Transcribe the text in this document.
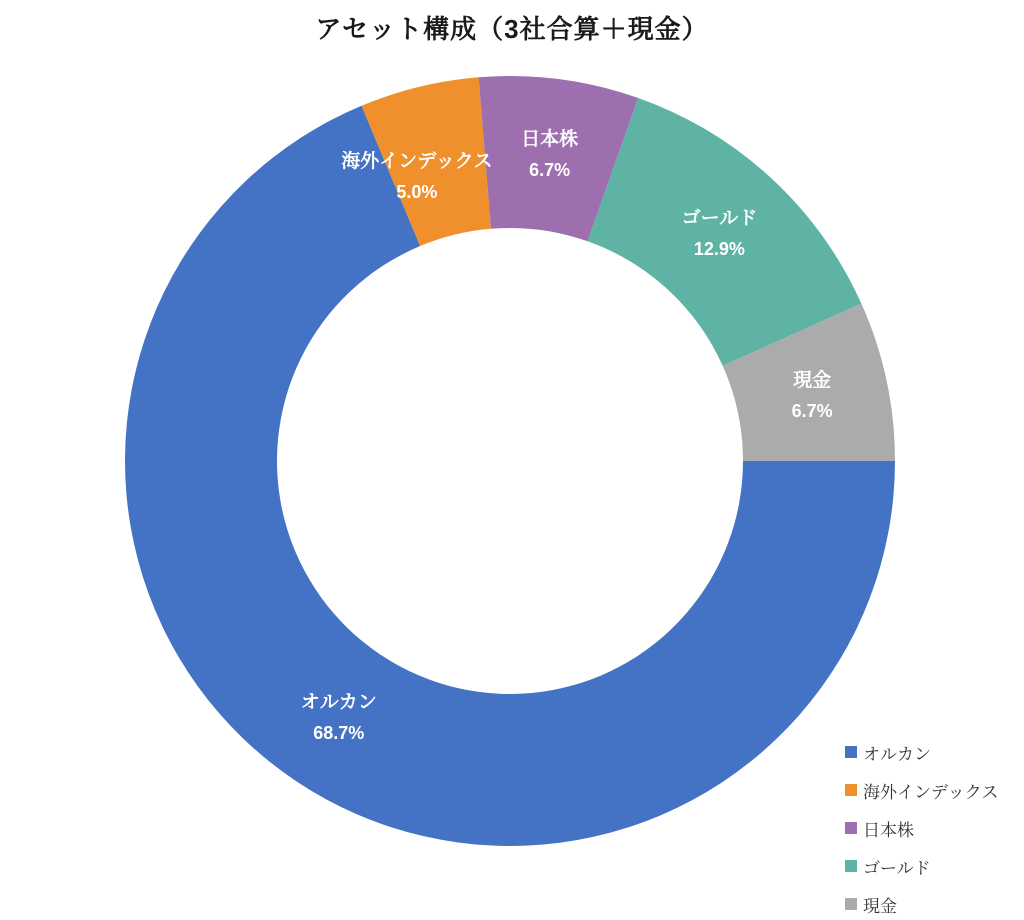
アセット構成（3社合算＋現金）
オルカン
68.7%
海外インデックス
5.0%
日本株
6.7%
ゴールド
12.9%
現金
6.7%
オルカン
海外インデックス
日本株
ゴールド
現金
